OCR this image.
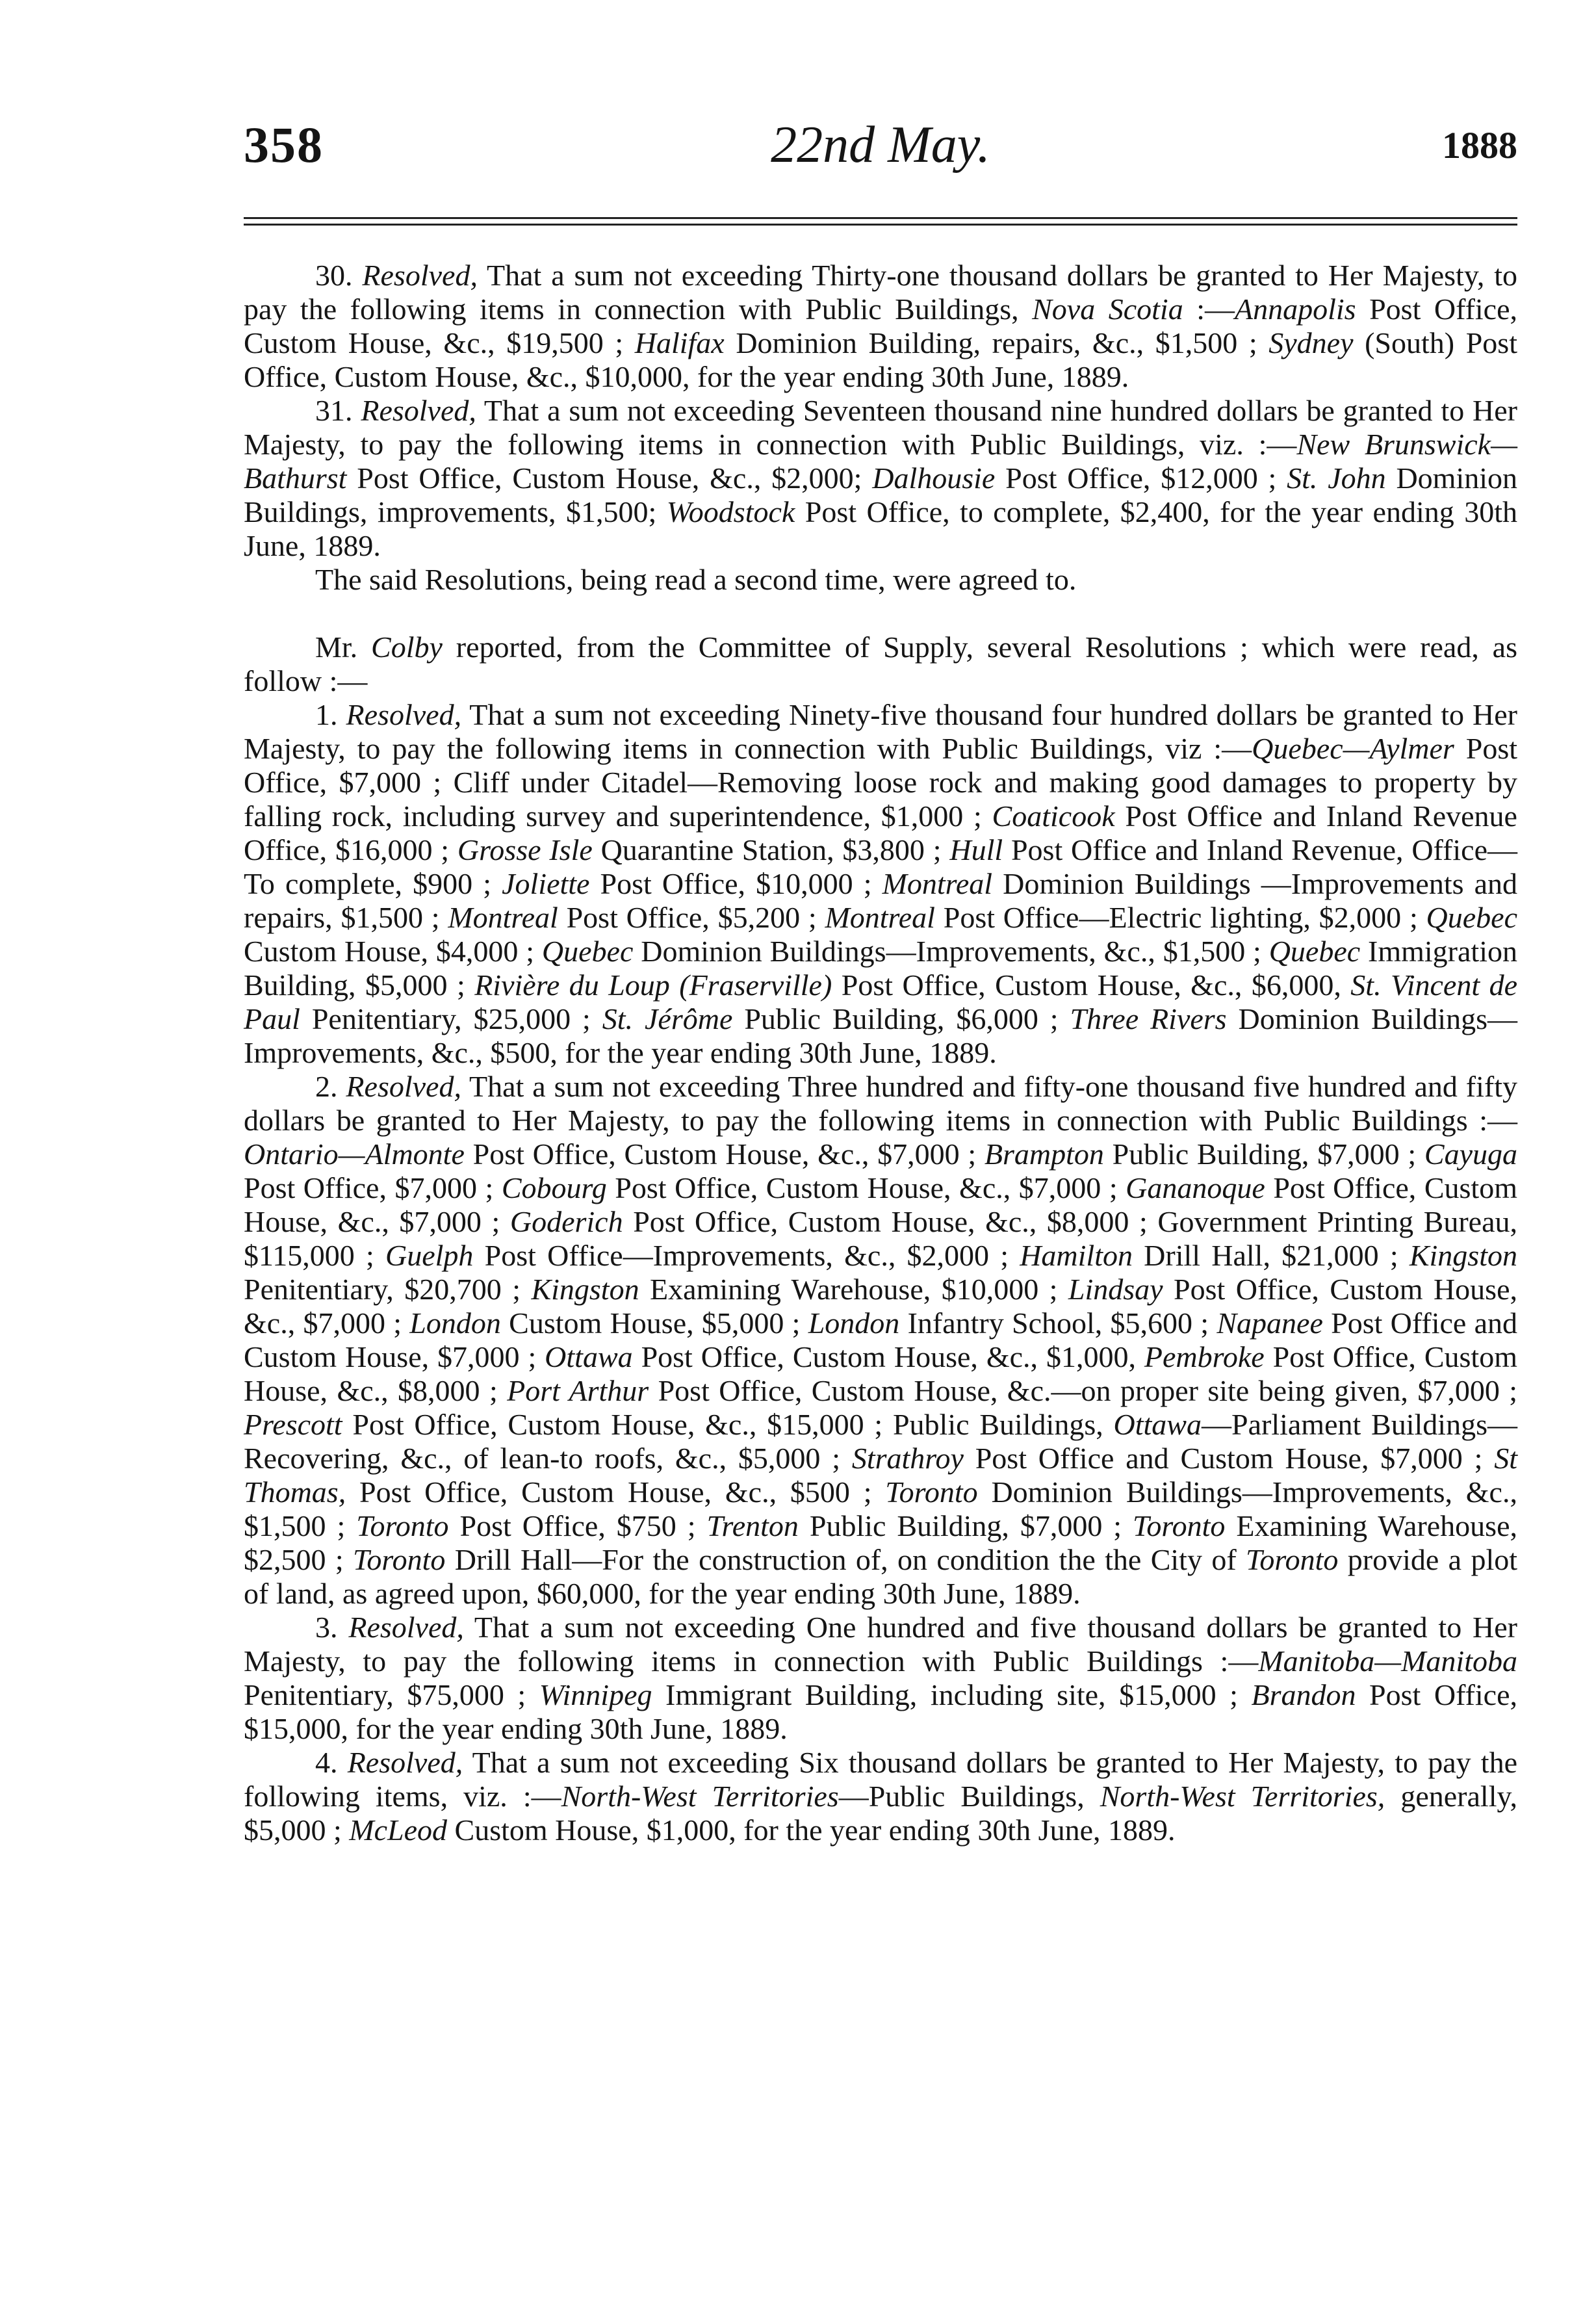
358	22nd May.	1888

30. Resolved, That a sum not exceeding Thirty-one thousand dollars be granted to Her Majesty, to pay the following items in connection with Public Buildings, Nova Scotia :—Annapolis Post Office, Custom House, &c., $19,500 ; Halifax Dominion Building, repairs, &c., $1,500 ; Sydney (South) Post Office, Custom House, &c., $10,000, for the year ending 30th June, 1889.

31. Resolved, That a sum not exceeding Seventeen thousand nine hundred dollars be granted to Her Majesty, to pay the following items in connection with Public Buildings, viz. :—New Brunswick—Bathurst Post Office, Custom House, &c., $2,000; Dalhousie Post Office, $12,000 ; St. John Dominion Buildings, improvements, $1,500; Woodstock Post Office, to complete, $2,400, for the year ending 30th June, 1889.

The said Resolutions, being read a second time, were agreed to.

Mr. Colby reported, from the Committee of Supply, several Resolutions ; which were read, as follow :—

1. Resolved, That a sum not exceeding Ninety-five thousand four hundred dollars be granted to Her Majesty, to pay the following items in connection with Public Buildings, viz :—Quebec—Aylmer Post Office, $7,000 ; Cliff under Citadel—Removing loose rock and making good damages to property by falling rock, including survey and superintendence, $1,000 ; Coaticook Post Office and Inland Revenue Office, $16,000 ; Grosse Isle Quarantine Station, $3,800 ; Hull Post Office and Inland Revenue, Office—To complete, $900 ; Joliette Post Office, $10,000 ; Montreal Dominion Buildings —Improvements and repairs, $1,500 ; Montreal Post Office, $5,200 ; Montreal Post Office—Electric lighting, $2,000 ; Quebec Custom House, $4,000 ; Quebec Dominion Buildings—Improvements, &c., $1,500 ; Quebec Immigration Building, $5,000 ; Rivière du Loup (Fraserville) Post Office, Custom House, &c., $6,000, St. Vincent de Paul Penitentiary, $25,000 ; St. Jérôme Public Building, $6,000 ; Three Rivers Dominion Buildings—Improvements, &c., $500, for the year ending 30th June, 1889.

2. Resolved, That a sum not exceeding Three hundred and fifty-one thousand five hundred and fifty dollars be granted to Her Majesty, to pay the following items in connection with Public Buildings :—Ontario—Almonte Post Office, Custom House, &c., $7,000 ; Brampton Public Building, $7,000 ; Cayuga Post Office, $7,000 ; Cobourg Post Office, Custom House, &c., $7,000 ; Gananoque Post Office, Custom House, &c., $7,000 ; Goderich Post Office, Custom House, &c., $8,000 ; Government Printing Bureau, $115,000 ; Guelph Post Office—Improvements, &c., $2,000 ; Hamilton Drill Hall, $21,000 ; Kingston Penitentiary, $20,700 ; Kingston Examining Warehouse, $10,000 ; Lindsay Post Office, Custom House, &c., $7,000 ; London Custom House, $5,000 ; London Infantry School, $5,600 ; Napanee Post Office and Custom House, $7,000 ; Ottawa Post Office, Custom House, &c., $1,000, Pembroke Post Office, Custom House, &c., $8,000 ; Port Arthur Post Office, Custom House, &c.—on proper site being given, $7,000 ; Prescott Post Office, Custom House, &c., $15,000 ; Public Buildings, Ottawa—Parliament Buildings—Recovering, &c., of lean-to roofs, &c., $5,000 ; Strathroy Post Office and Custom House, $7,000 ; St Thomas, Post Office, Custom House, &c., $500 ; Toronto Dominion Buildings—Improvements, &c., $1,500 ; Toronto Post Office, $750 ; Trenton Public Building, $7,000 ; Toronto Examining Warehouse, $2,500 ; Toronto Drill Hall—For the construction of, on condition the the City of Toronto provide a plot of land, as agreed upon, $60,000, for the year ending 30th June, 1889.

3. Resolved, That a sum not exceeding One hundred and five thousand dollars be granted to Her Majesty, to pay the following items in connection with Public Buildings :—Manitoba—Manitoba Penitentiary, $75,000 ; Winnipeg Immigrant Building, including site, $15,000 ; Brandon Post Office, $15,000, for the year ending 30th June, 1889.

4. Resolved, That a sum not exceeding Six thousand dollars be granted to Her Majesty, to pay the following items, viz. :—North-West Territories—Public Buildings, North-West Territories, generally, $5,000 ; McLeod Custom House, $1,000, for the year ending 30th June, 1889.
